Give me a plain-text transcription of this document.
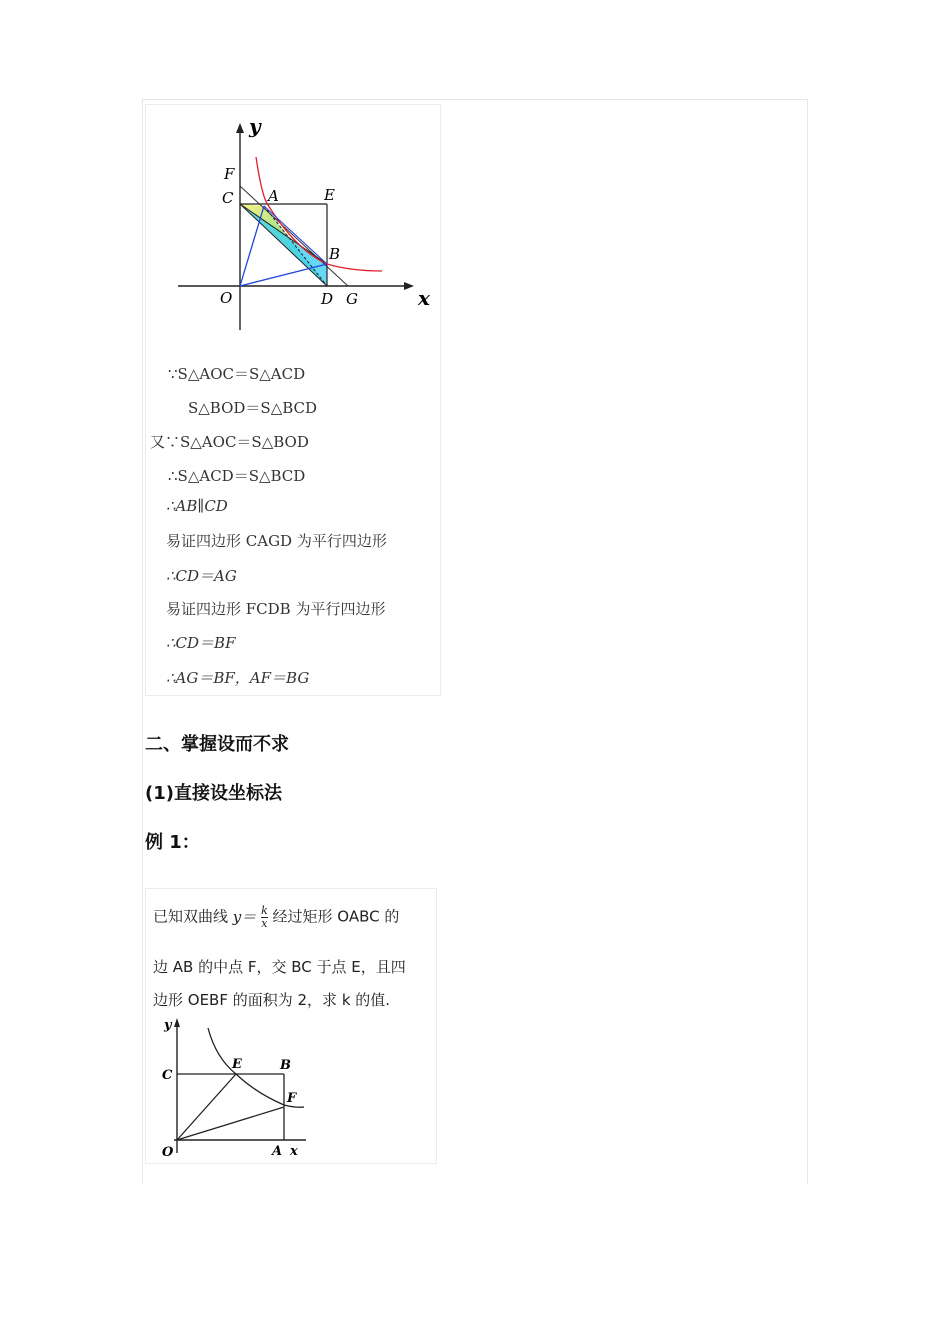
y
x
F
C A	E
B
O	D G
∵S△AOC＝S△ACD
S△BOD＝S△BCD
又∵S△AOC＝S△BOD
∴S△ACD＝S△BCD
∴AB∥CD
易证四边形 CAGD 为平行四边形
∴CD＝AG
易证四边形 FCDB 为平行四边形
∴CD＝BF
∴AG＝BF，AF＝BG
二、掌握设而不求
(1)直接设坐标法
例 1：
已知双曲线 $y= \frac{k}{x}$ 经过矩形 OABC 的
边 AB 的中点 F，交 BC 于点 E，且四
边形 OEBF 的面积为 2，求 k 的值.
y
C
E	B
F
O	A x
